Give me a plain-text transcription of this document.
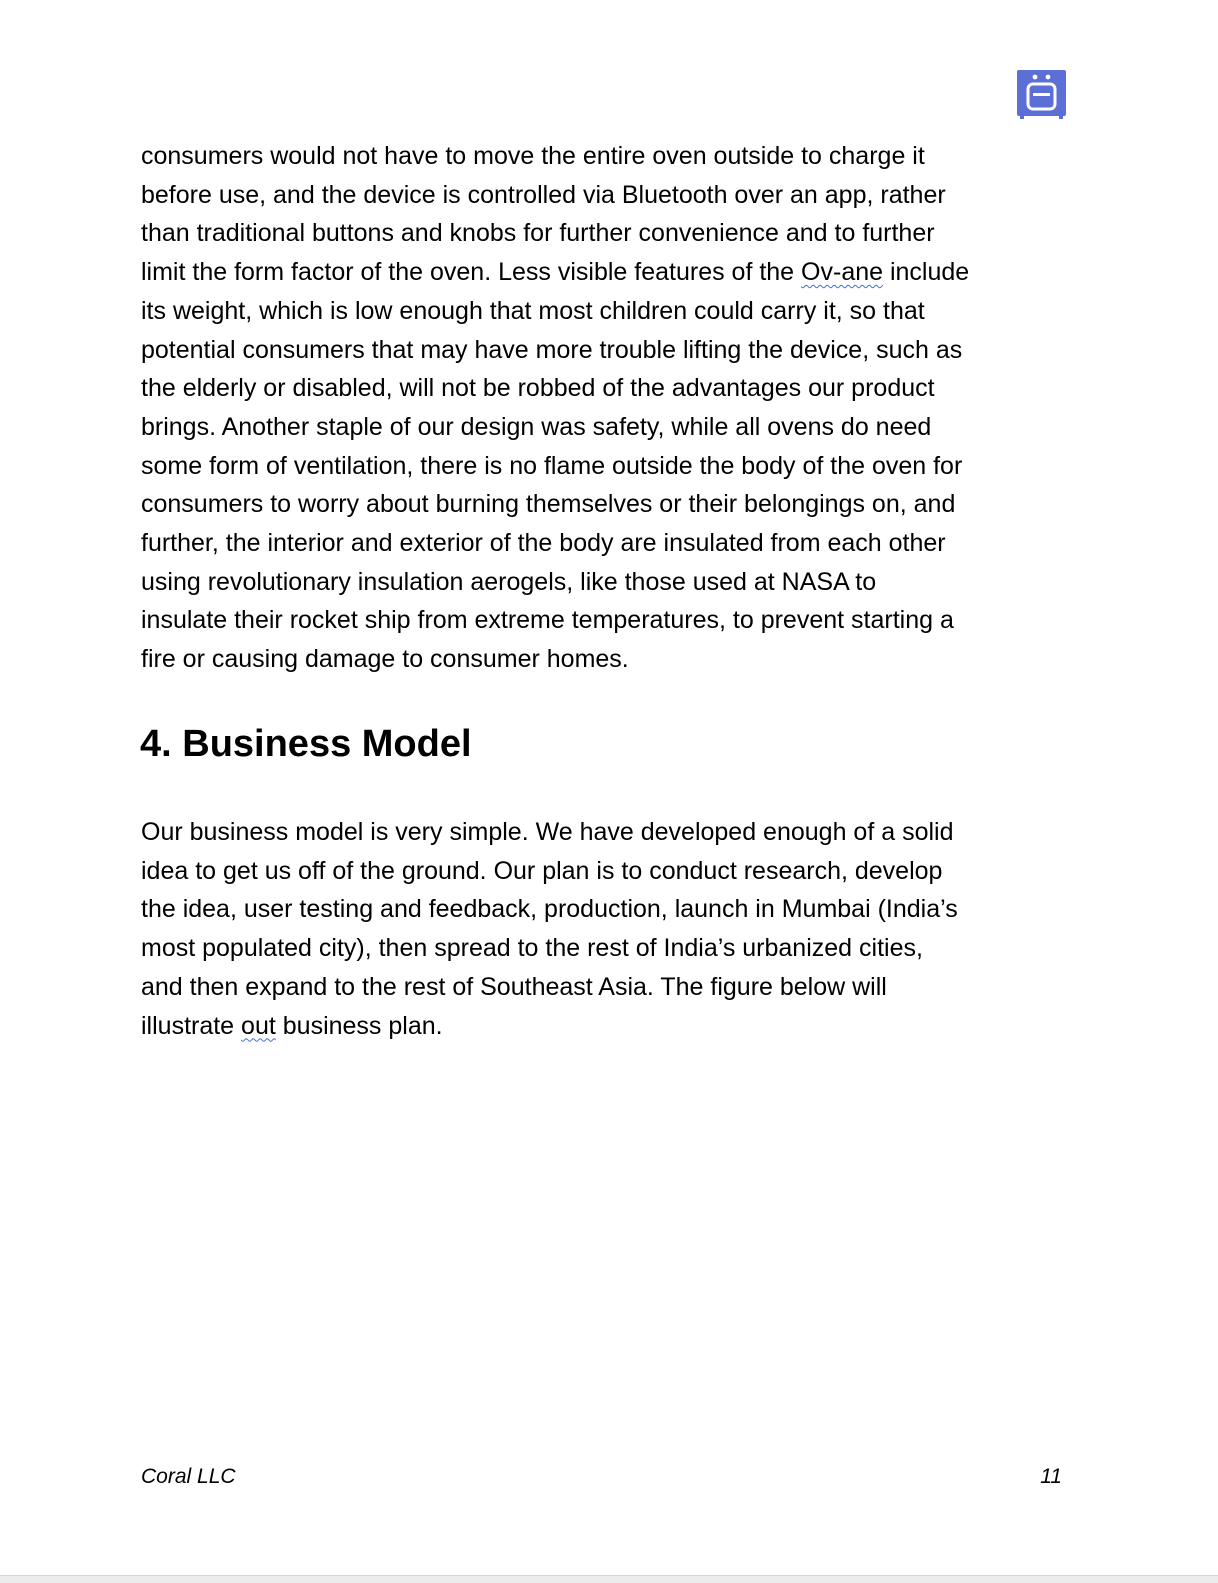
consumers would not have to move the entire oven outside to charge it
before use, and the device is controlled via Bluetooth over an app, rather
than traditional buttons and knobs for further convenience and to further
limit the form factor of the oven. Less visible features of the Ov-ane include
its weight, which is low enough that most children could carry it, so that
potential consumers that may have more trouble lifting the device, such as
the elderly or disabled, will not be robbed of the advantages our product
brings. Another staple of our design was safety, while all ovens do need
some form of ventilation, there is no flame outside the body of the oven for
consumers to worry about burning themselves or their belongings on, and
further, the interior and exterior of the body are insulated from each other
using revolutionary insulation aerogels, like those used at NASA to
insulate their rocket ship from extreme temperatures, to prevent starting a
fire or causing damage to consumer homes.

4. Business Model

Our business model is very simple. We have developed enough of a solid
idea to get us off of the ground. Our plan is to conduct research, develop
the idea, user testing and feedback, production, launch in Mumbai (India’s
most populated city), then spread to the rest of India’s urbanized cities,
and then expand to the rest of Southeast Asia. The figure below will
illustrate out business plan.

Coral LLC	11
